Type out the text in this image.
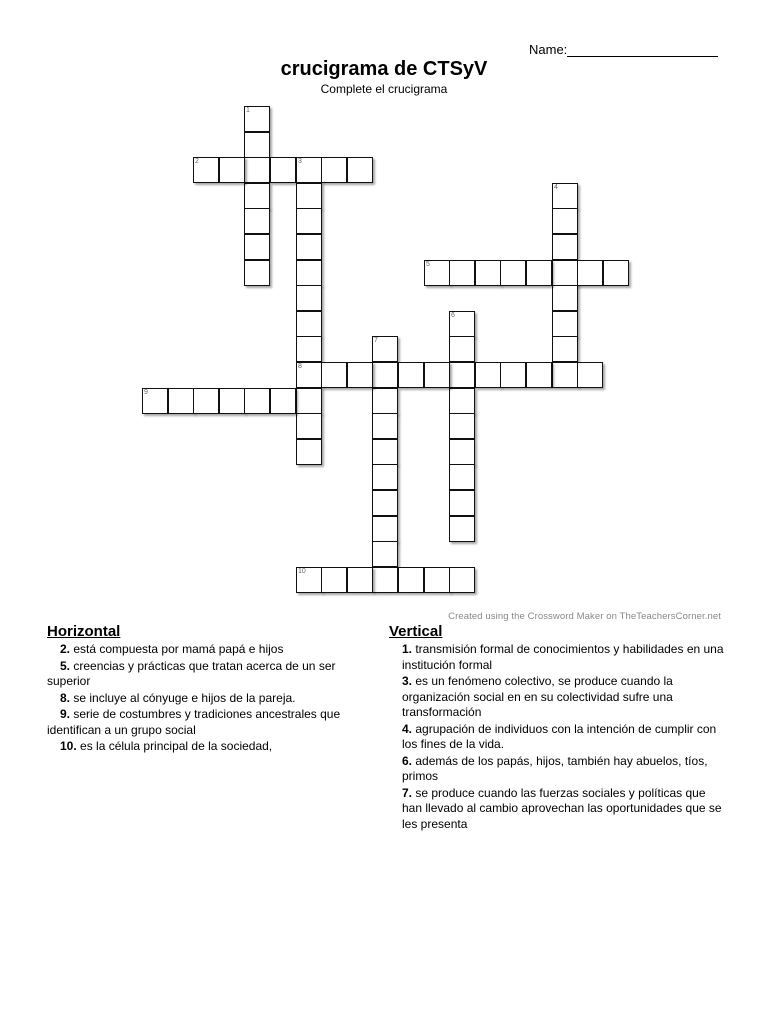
Name:
crucigrama de CTSyV
Complete el crucigrama
1
2	3
8
4
5
6
7
9
10
Created using the Crossword Maker on TheTeachersCorner.net
Horizontal
2. está compuesta por mamá papá e hijos
5. creencias y prácticas que tratan acerca de un ser superior
8. se incluye al cónyuge e hijos de la pareja.
9. serie de costumbres y tradiciones ancestrales que identifican a un grupo social
10. es la célula principal de la sociedad,
Vertical
1. transmisión formal de conocimientos y habilidades en una institución formal
3. es un fenómeno colectivo, se produce cuando la organización social en en su colectividad sufre una transformación
4. agrupación de individuos con la intención de cumplir con los fines de la vida.
6. además de los papás, hijos, también hay abuelos, tíos, primos
7. se produce cuando las fuerzas sociales y políticas que han llevado al cambio aprovechan las oportunidades que se les presenta
